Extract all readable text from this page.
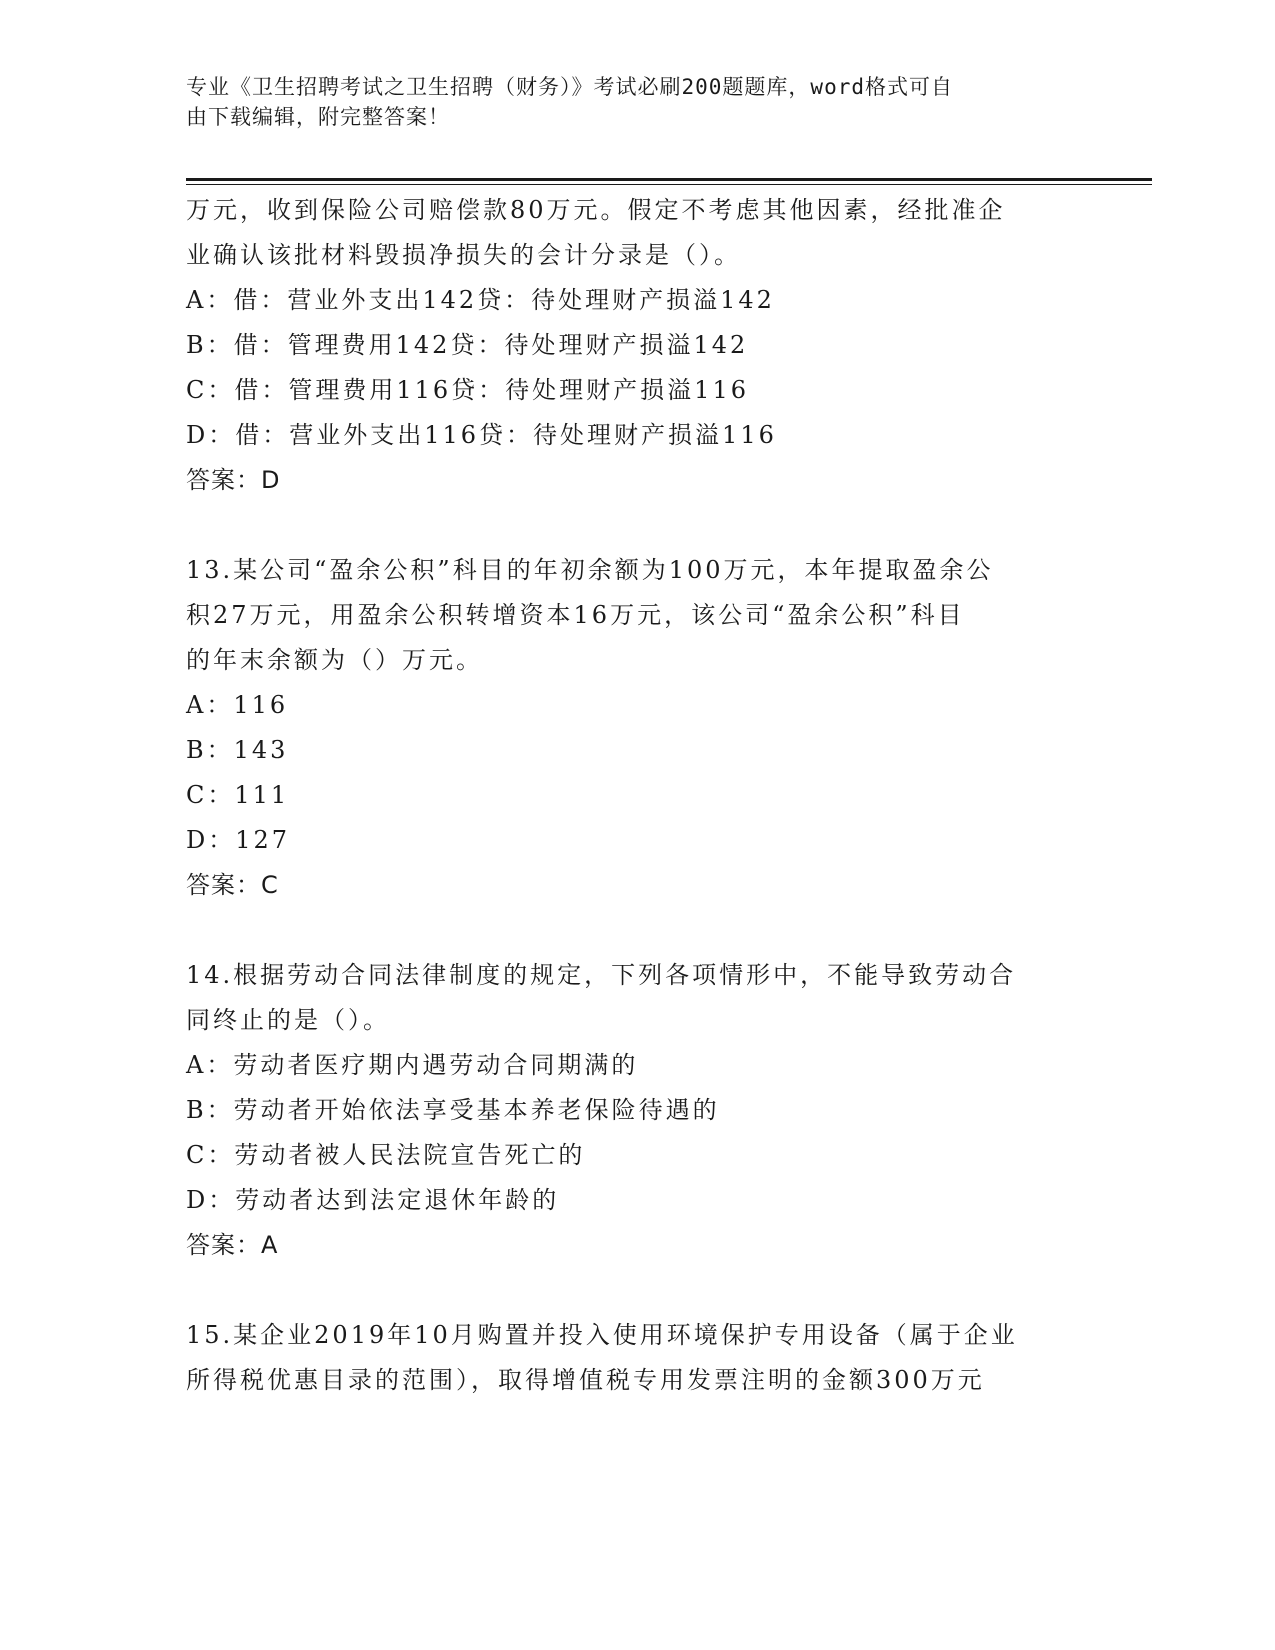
专业《卫生招聘考试之卫生招聘（财务）》考试必刷200题题库，word格式可自
由下载编辑，附完整答案！
万元，收到保险公司赔偿款80万元。假定不考虑其他因素，经批准企
业确认该批材料毁损净损失的会计分录是（）。
A：借：营业外支出142贷：待处理财产损溢142
B：借：管理费用142贷：待处理财产损溢142
C：借：管理费用116贷：待处理财产损溢116
D：借：营业外支出116贷：待处理财产损溢116
答案：D
13.某公司“盈余公积”科目的年初余额为100万元，本年提取盈余公
积27万元，用盈余公积转增资本16万元，该公司“盈余公积”科目
的年末余额为（）万元。
A：116
B：143
C：111
D：127
答案：C
14.根据劳动合同法律制度的规定，下列各项情形中，不能导致劳动合
同终止的是（）。
A：劳动者医疗期内遇劳动合同期满的
B：劳动者开始依法享受基本养老保险待遇的
C：劳动者被人民法院宣告死亡的
D：劳动者达到法定退休年龄的
答案：A
15.某企业2019年10月购置并投入使用环境保护专用设备（属于企业
所得税优惠目录的范围），取得增值税专用发票注明的金额300万元
